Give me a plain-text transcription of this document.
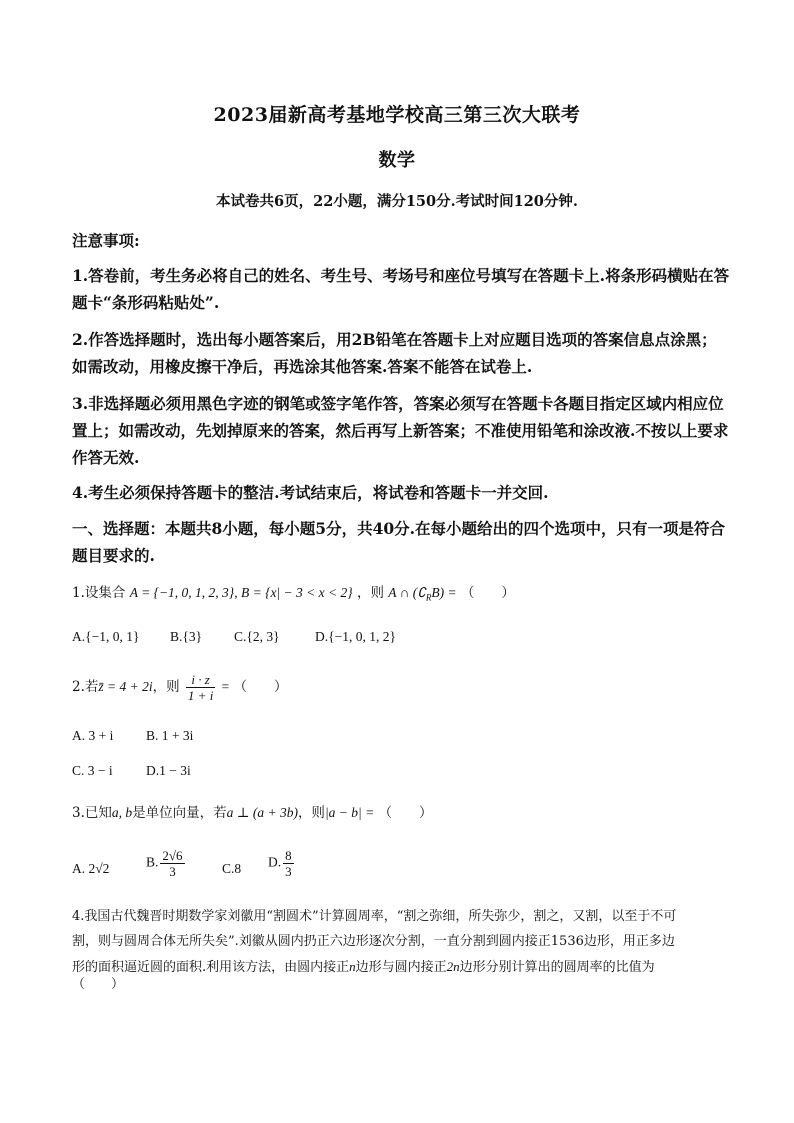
2023届新高考基地学校高三第三次大联考
数学
本试卷共6页，22小题，满分150分.考试时间120分钟.
注意事项:
1.答卷前，考生务必将自己的姓名、考生号、考场号和座位号填写在答题卡上.将条形码横贴在答题卡“条形码粘贴处”.
2.作答选择题时，选出每小题答案后，用2B铅笔在答题卡上对应题目选项的答案信息点涂黑；如需改动，用橡皮擦干净后，再选涂其他答案.答案不能答在试卷上.
3.非选择题必须用黑色字迹的钢笔或签字笔作答，答案必须写在答题卡各题目指定区域内相应位置上；如需改动，先划掉原来的答案，然后再写上新答案；不准使用铅笔和涂改液.不按以上要求作答无效.
4.考生必须保持答题卡的整洁.考试结束后，将试卷和答题卡一并交回.
一、选择题：本题共8小题，每小题5分，共40分.在每小题给出的四个选项中，只有一项是符合题目要求的.
1.设集合 A = {−1, 0, 1, 2, 3}, B = {x| − 3 < x < 2} ，则 A ∩ $(∁_RB)$ = （　　）
A.{−1, 0, 1} B.{3} C.{2, 3}	D.{−1, 0, 1, 2}
2.若z̄ = 4 + 2i，则 $\frac{i \cdot z}{1 + i}$ = （　　）
A. 3 + i B. 1 + 3i
C. 3 − i D.1 − 3i
3.已知a, b是单位向量，若a ⊥ (a + 3b)，则|a − b| = （　　）
A. 2√2	B. $\frac{2√6}{3}$	C.8 D. $\frac{8}{3}$
4.我国古代魏晋时期数学家刘徽用“割圆术”计算圆周率，“割之弥细，所失弥少，割之，又割，以至于不可
割，则与圆周合体无所失矣”.刘徽从圆内扔正六边形逐次分割，一直分割到圆内接正1536边形，用正多边
形的面积逼近圆的面积.利用该方法，由圆内接正n边形与圆内接正2n边形分别计算出的圆周率的比值为
（　　）
